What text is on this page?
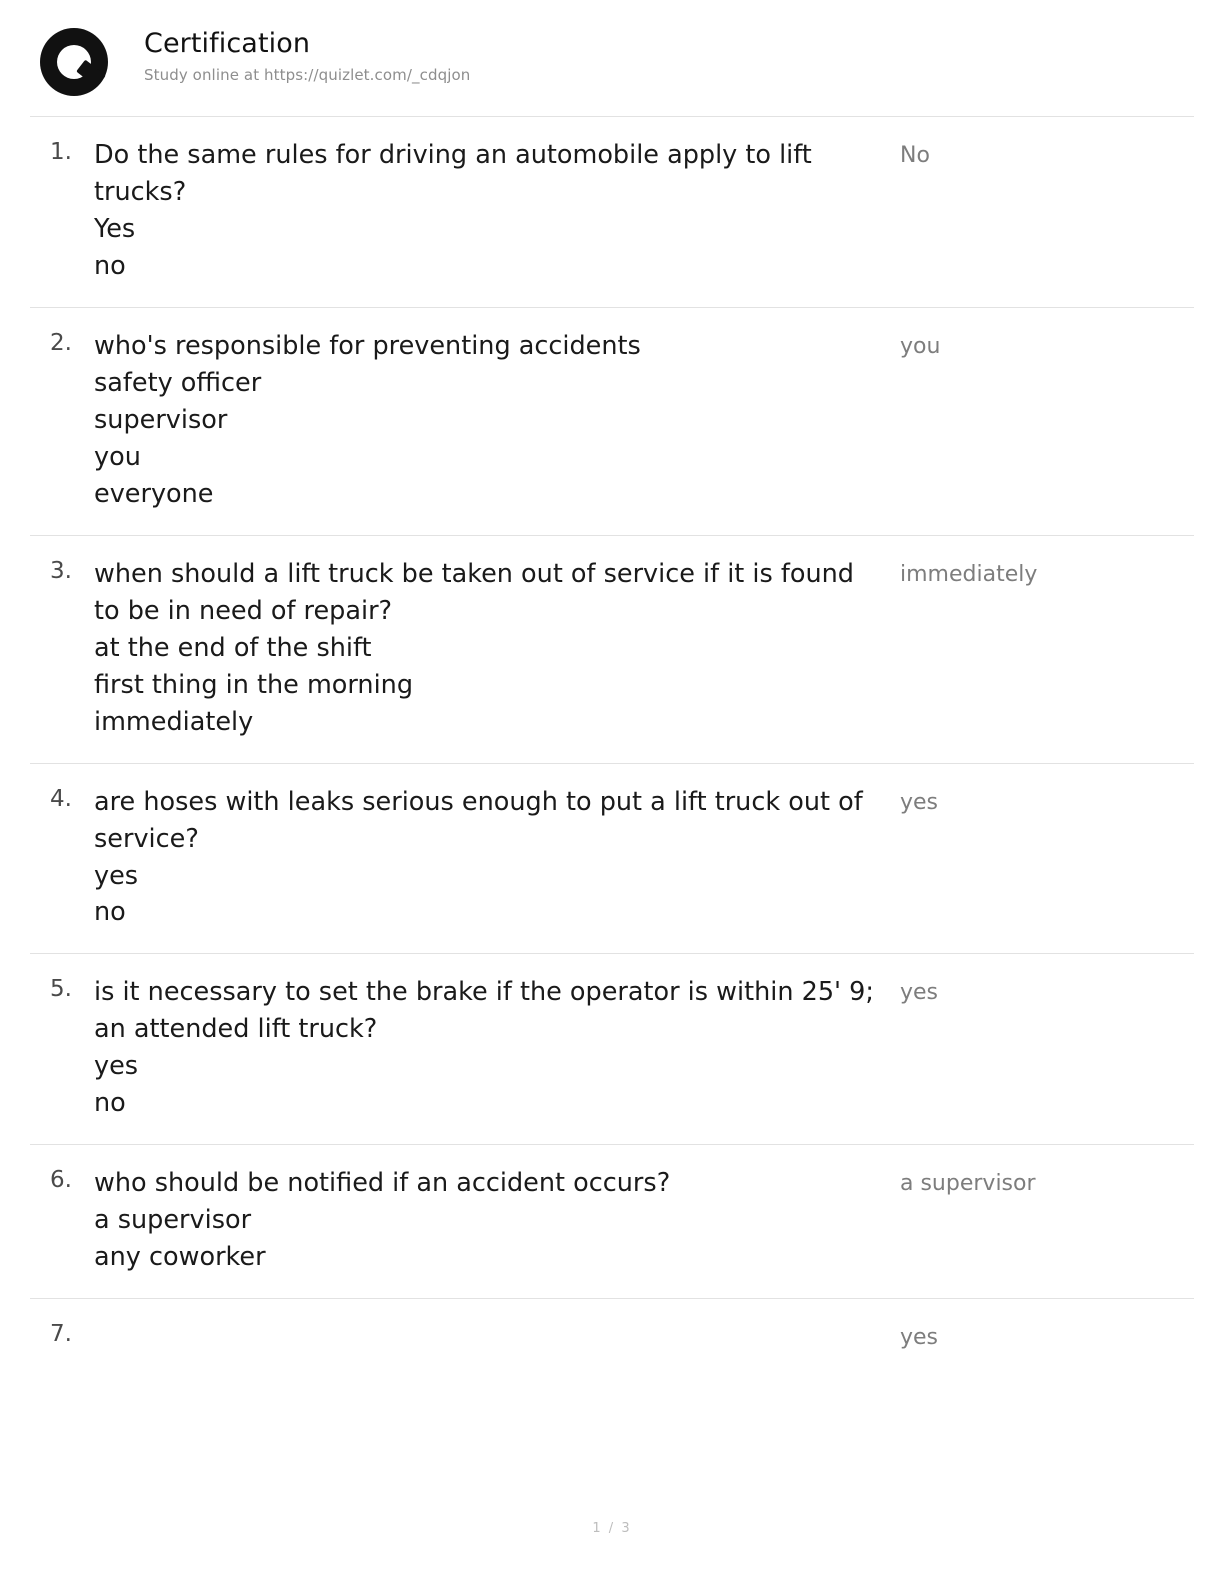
Certification
Study online at https://quizlet.com/_cdqjon
1. Do the same rules for driving an automobile apply to lift trucks?
Yes
no
No
2. who's responsible for preventing accidents
safety officer
supervisor
you
everyone
you
3. when should a lift truck be taken out of service if it is found to be in need of repair?
at the end of the shift
first thing in the morning
immediately
immediately
4. are hoses with leaks serious enough to put a lift truck out of service?
yes
no
yes
5. is it necessary to set the brake if the operator is within 25' 9; an attended lift truck?
yes
no
yes
6. who should be notified if an accident occurs?
a supervisor
any coworker
a supervisor
7.	yes
1 / 3
